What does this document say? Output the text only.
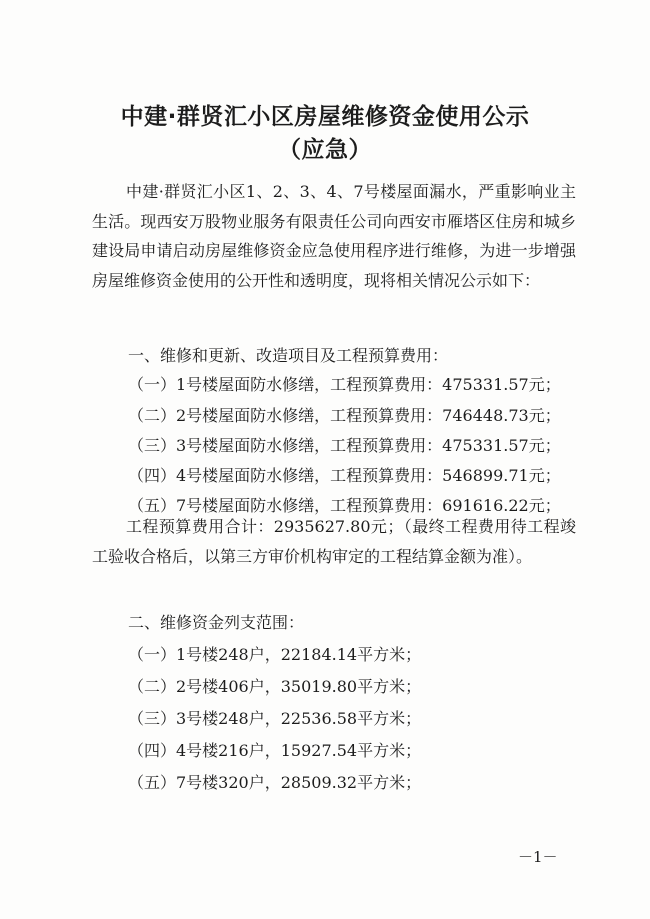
中建·群贤汇小区房屋维修资金使用公示
（应急）

中建·群贤汇小区1、2、3、4、7号楼屋面漏水，严重影响业主生活。现西安万股物业服务有限责任公司向西安市雁塔区住房和城乡建设局申请启动房屋维修资金应急使用程序进行维修，为进一步增强房屋维修资金使用的公开性和透明度，现将相关情况公示如下：

一、维修和更新、改造项目及工程预算费用：
（一）1号楼屋面防水修缮，工程预算费用：475331.57元；
（二）2号楼屋面防水修缮，工程预算费用：746448.73元；
（三）3号楼屋面防水修缮，工程预算费用：475331.57元；
（四）4号楼屋面防水修缮，工程预算费用：546899.71元；
（五）7号楼屋面防水修缮，工程预算费用：691616.22元；

工程预算费用合计：2935627.80元；（最终工程费用待工程竣工验收合格后，以第三方审价机构审定的工程结算金额为准）。

二、维修资金列支范围：
（一）1号楼248户，22184.14平方米；
（二）2号楼406户，35019.80平方米；
（三）3号楼248户，22536.58平方米；
（四）4号楼216户，15927.54平方米；
（五）7号楼320户，28509.32平方米；
－1－
